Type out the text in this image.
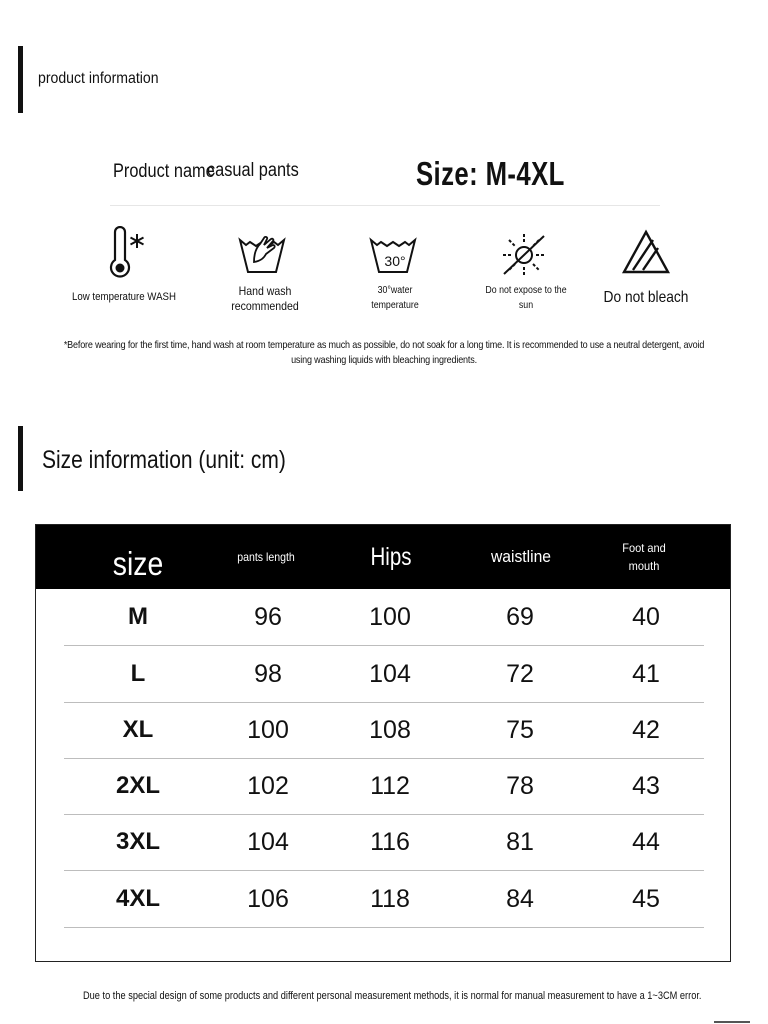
product information
Product name
casual pants	Size: M-4XL
30°
Low temperature WASH	Hand wash
recommended
30°water
temperature
Do not expose to the
sun	Do not bleach
*Before wearing for the first time, hand wash at room temperature as much as possible, do not soak for a long time. It is recommended to use a neutral detergent, avoid using washing liquids with bleaching ingredients.
Size information (unit: cm)
size	pants length	Hips	waistline	Foot and
mouth
M	96	100	69	40
L	98	104	72	41
XL	100	108	75	42
2XL	102	112	78	43
3XL	104	116	81	44
4XL	106	118	84	45
Due to the special design of some products and different personal measurement methods, it is normal for manual measurement to have a 1~3CM error.
